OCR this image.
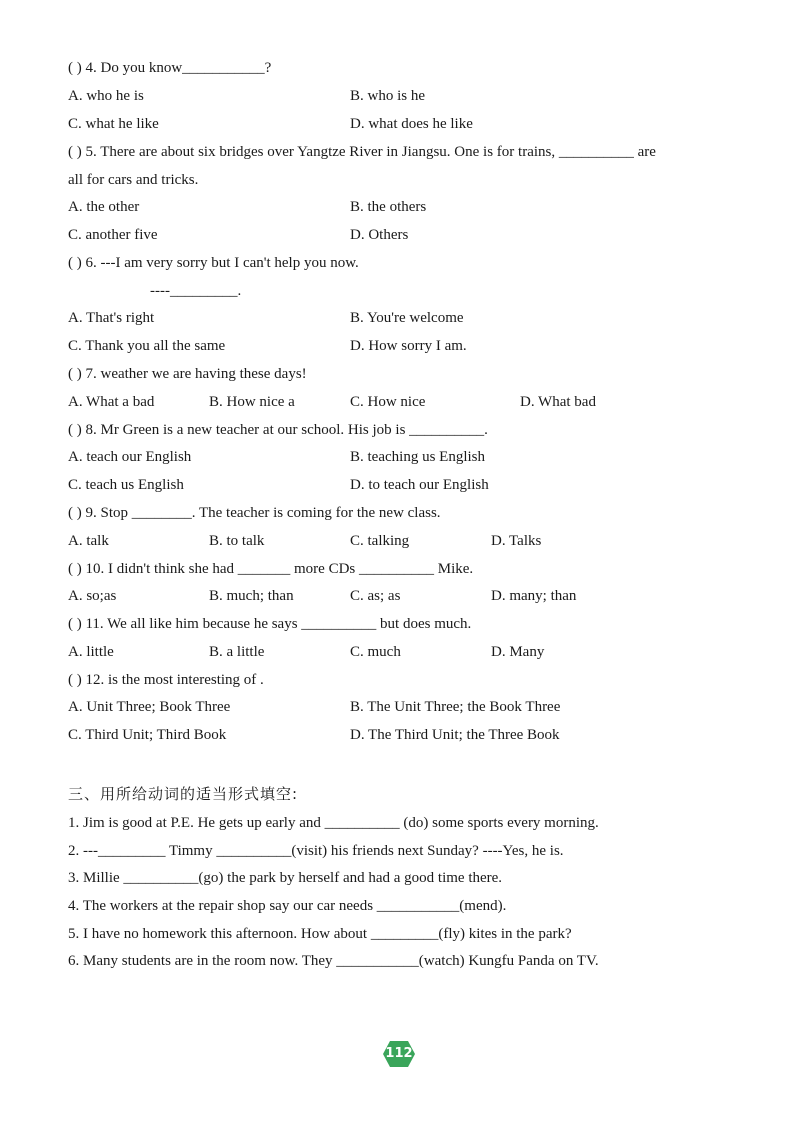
( ) 4. Do you know___________?
A. who he is	B. who is he
C. what he like	D. what does he like
( ) 5. There are about six bridges over Yangtze River in Jiangsu. One is for trains, __________ are
all for cars and tricks.
A. the other	B. the others
C. another five	D. Others
( ) 6. ---I am very sorry but I can't help you now.
----_________.
A. That's right	B. You're welcome
C. Thank you all the same	D. How sorry I am.
( ) 7. weather we are having these days!
A. What a bad	B. How nice a	C. How nice	D. What bad
( ) 8. Mr Green is a new teacher at our school. His job is __________.
A. teach our English	B. teaching us English
C. teach us English	D. to teach our English
( ) 9. Stop ________. The teacher is coming for the new class.
A. talk	B. to talk	C. talking	D. Talks
( ) 10. I didn't think she had _______ more CDs __________ Mike.
A. so;as	B. much; than	C. as; as	D. many; than
( ) 11. We all like him because he says __________ but does much.
A. little	B. a little	C. much	D. Many
( ) 12. is the most interesting of .
A. Unit Three; Book Three	B. The Unit Three; the Book Three
C. Third Unit; Third Book	D. The Third Unit; the Three Book
三、用所给动词的适当形式填空:
1. Jim is good at P.E. He gets up early and __________ (do) some sports every morning.
2. ---_________ Timmy __________(visit) his friends next Sunday? ----Yes, he is.
3. Millie __________(go) the park by herself and had a good time there.
4. The workers at the repair shop say our car needs ___________(mend).
5. I have no homework this afternoon. How about _________(fly) kites in the park?
6. Many students are in the room now. They ___________(watch) Kungfu Panda on TV.
112
